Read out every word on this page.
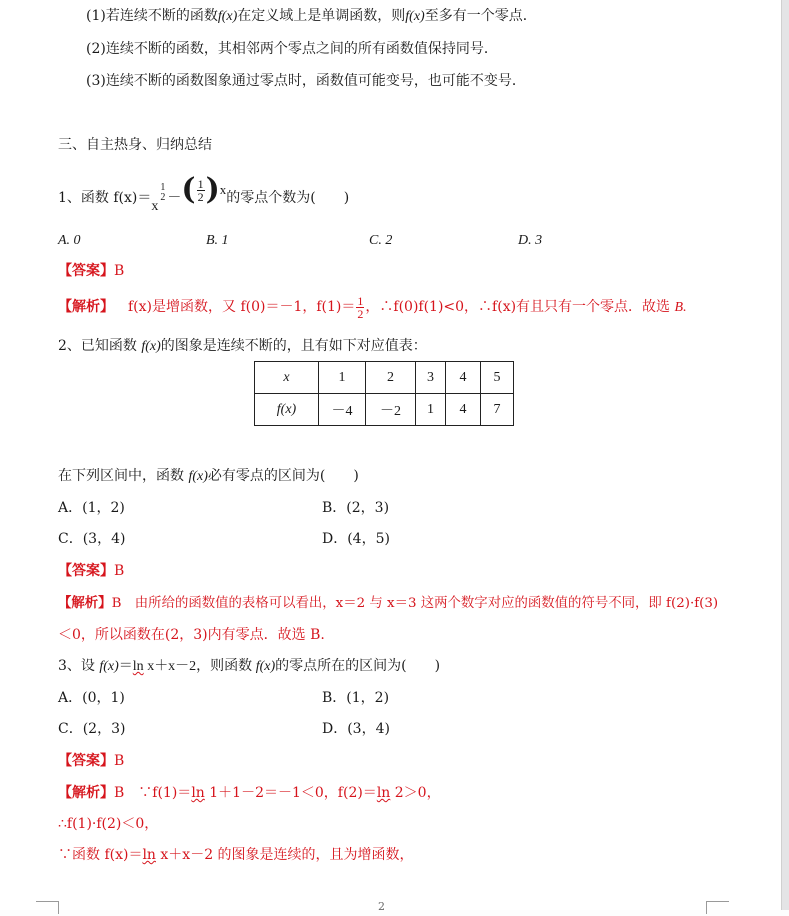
(1)若连续不断的函数f(x)在定义域上是单调函数，则f(x)至多有一个零点．
(2)连续不断的函数，其相邻两个零点之间的所有函数值保持同号．
(3)连续不断的函数图象通过零点时，函数值可能变号，也可能不变号．
三、自主热身、归纳总结
1、函数 f(x)＝x
1
2 －( $\frac{1}{2} )x$的零点个数为(　　)
A. 0	B. 1	C. 2	D. 3
【答案】B
【解析】 f(x)是增函数，又 f(0)＝－1，$f(1)= \frac{1}{2}$ ，∴f(0)f(1)<0，∴f(x)有且只有一个零点．故选 B.
2、已知函数 f(x)的图象是连续不断的，且有如下对应值表：
x	1	2	3	4	5
f(x)	－4	－2	1	4	7
在下列区间中，函数 f(x)必有零点的区间为(　　)
A．(1，2)	B．(2，3)
C．(3，4)	D．(4，5)
【答案】B
【解析】B　由所给的函数值的表格可以看出，x＝2 与 x＝3 这两个数字对应的函数值的符号不同，即 f(2)·f(3)
＜0，所以函数在(2，3)内有零点．故选 B.
3、设 f(x)＝ln x＋x－2，则函数 f(x)的零点所在的区间为(　　)
A．(0，1)	B．(1，2)
C．(2，3)	D．(3，4)
【答案】B
【解析】B　∵f(1)＝ln 1＋1－2＝－1＜0，f(2)＝ln 2＞0，
∴f(1)·f(2)＜0，
∵函数 f(x)＝ln x＋x－2 的图象是连续的，且为增函数，
2
